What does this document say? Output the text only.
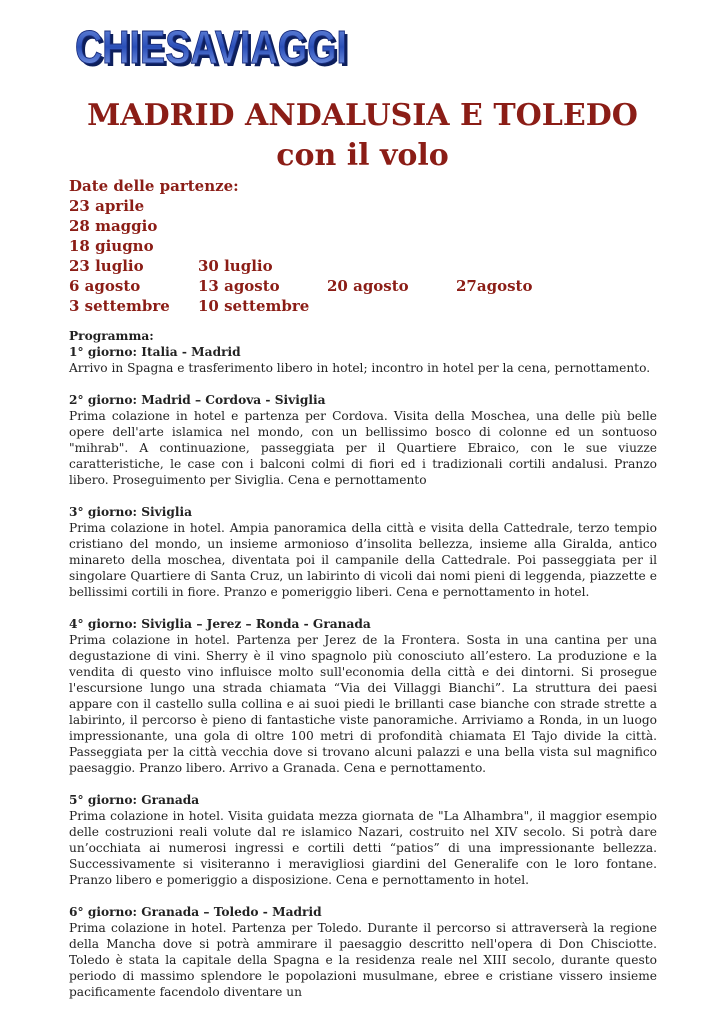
CHIESAVIAGGI
CHIESAVIAGGI
MADRID ANDALUSIA E TOLEDO
con il volo
Date delle partenze:
23 aprile
28 maggio
18 giugno
23 luglio	30 luglio
6 agosto	13 agosto	20 agosto	27agosto
3 settembre	10 settembre
Programma:
1° giorno: Italia - Madrid

Arrivo in Spagna e trasferimento libero in hotel; incontro in hotel per la cena, pernottamento.

2° giorno: Madrid – Cordova - Siviglia

Prima colazione in hotel e partenza per Cordova. Visita della Moschea, una delle più belle opere dell'arte islamica nel mondo, con un bellissimo bosco di colonne ed un sontuoso "mihrab". A continuazione, passeggiata per il Quartiere Ebraico, con le sue viuzze caratteristiche, le case con i balconi colmi di fiori ed i tradizionali cortili andalusi. Pranzo libero. Proseguimento per Siviglia. Cena e pernottamento

3° giorno: Siviglia

Prima colazione in hotel. Ampia panoramica della città e visita della Cattedrale, terzo tempio cristiano del mondo, un insieme armonioso d’insolita bellezza, insieme alla Giralda, antico minareto della moschea, diventata poi il campanile della Cattedrale. Poi passeggiata per il singolare Quartiere di Santa Cruz, un labirinto di vicoli dai nomi pieni di leggenda, piazzette e bellissimi cortili in fiore. Pranzo e pomeriggio liberi. Cena e pernottamento in hotel.

4° giorno: Siviglia – Jerez – Ronda - Granada

Prima colazione in hotel. Partenza per Jerez de la Frontera. Sosta in una cantina per una degustazione di vini. Sherry è il vino spagnolo più conosciuto all’estero. La produzione e la vendita di questo vino influisce molto sull'economia della città e dei dintorni. Si prosegue l'escursione lungo una strada chiamata “Via dei Villaggi Bianchi”. La struttura dei paesi appare con il castello sulla collina e ai suoi piedi le brillanti case bianche con strade strette a labirinto, il percorso è pieno di fantastiche viste panoramiche. Arriviamo a Ronda, in un luogo impressionante, una gola di oltre 100 metri di profondità chiamata El Tajo divide la città. Passeggiata per la città vecchia dove si trovano alcuni palazzi e una bella vista sul magnifico paesaggio. Pranzo libero. Arrivo a Granada. Cena e pernottamento.

5° giorno: Granada

Prima colazione in hotel. Visita guidata mezza giornata de "La Alhambra", il maggior esempio delle costruzioni reali volute dal re islamico Nazari, costruito nel XIV secolo. Si potrà dare un’occhiata ai numerosi ingressi e cortili detti “patios” di una impressionante bellezza. Successivamente si visiteranno i meravigliosi giardini del Generalife con le loro fontane. Pranzo libero e pomeriggio a disposizione. Cena e pernottamento in hotel.

6° giorno: Granada – Toledo - Madrid

Prima colazione in hotel. Partenza per Toledo. Durante il percorso si attraverserà la regione della Mancha dove si potrà ammirare il paesaggio descritto nell'opera di Don Chisciotte. Toledo è stata la capitale della Spagna e la residenza reale nel XIII secolo, durante questo periodo di massimo splendore le popolazioni musulmane, ebree e cristiane vissero insieme pacificamente facendolo diventare un
